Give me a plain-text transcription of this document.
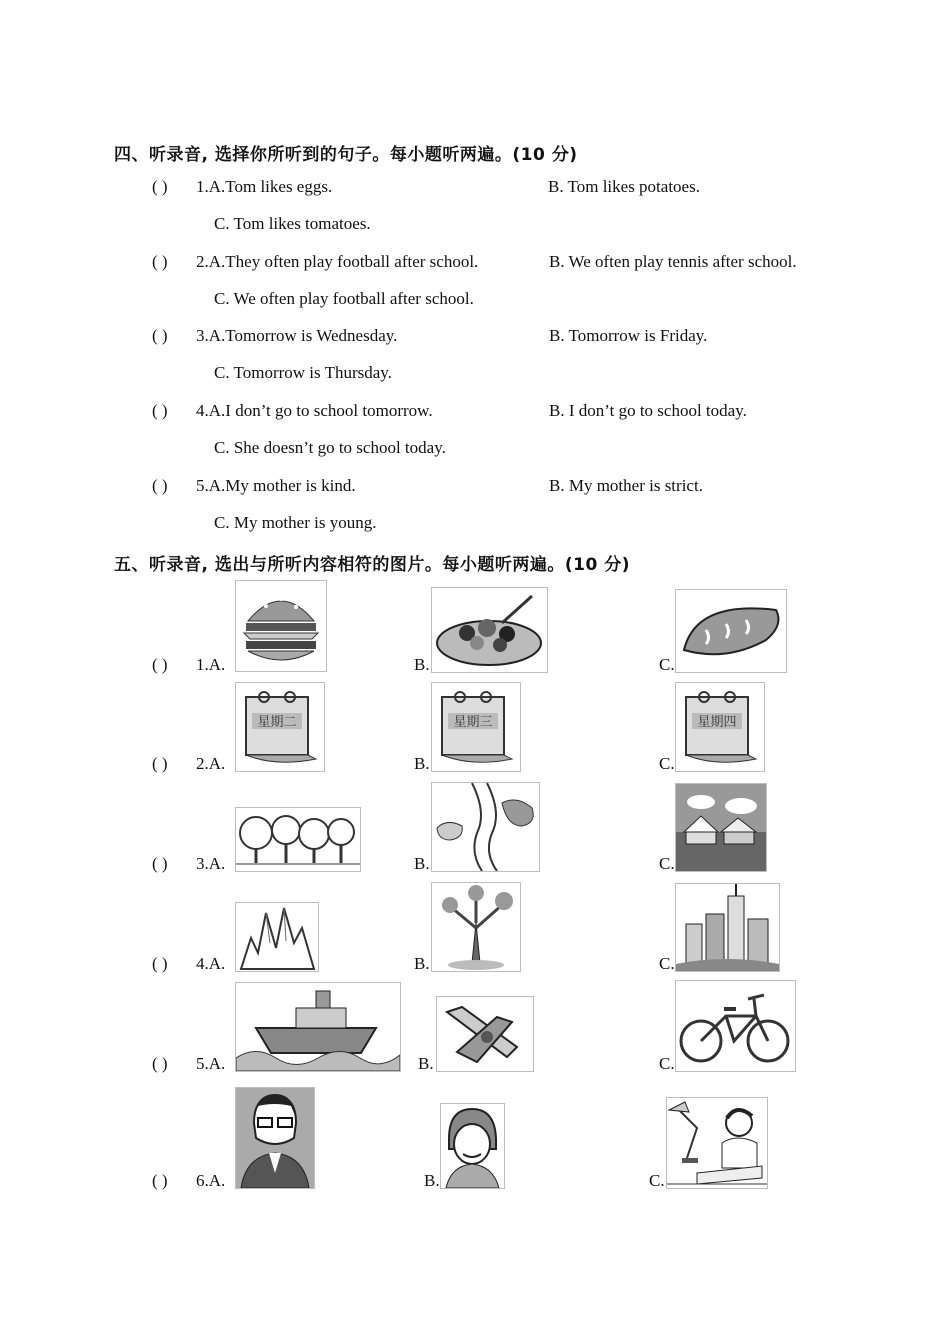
四、听录音, 选择你所听到的句子。每小题听两遍。(10 分)
( ) 1.A.Tom likes eggs.	B. Tom likes potatoes.
C. Tom likes tomatoes.
( ) 2.A.They often play football after school.	B. We often play tennis after school.
C. We often play football after school.
( ) 3.A.Tomorrow is Wednesday.	B. Tomorrow is Friday.
C. Tomorrow is Thursday.
( ) 4.A.I don’t go to school tomorrow.	B. I don’t go to school today.
C. She doesn’t go to school today.
( ) 5.A.My mother is kind.	B. My mother is strict.
C. My mother is young.
五、听录音, 选出与所听内容相符的图片。每小题听两遍。(10 分)
( ) 1.A.	B.	C.
( ) 2.A.
星期二
B.
星期三
C.
星期四
( ) 3.A.	B.	C.
( ) 4.A.	B.	C.
( ) 5.A.	B.	C.
( ) 6.A.	B.	C.
